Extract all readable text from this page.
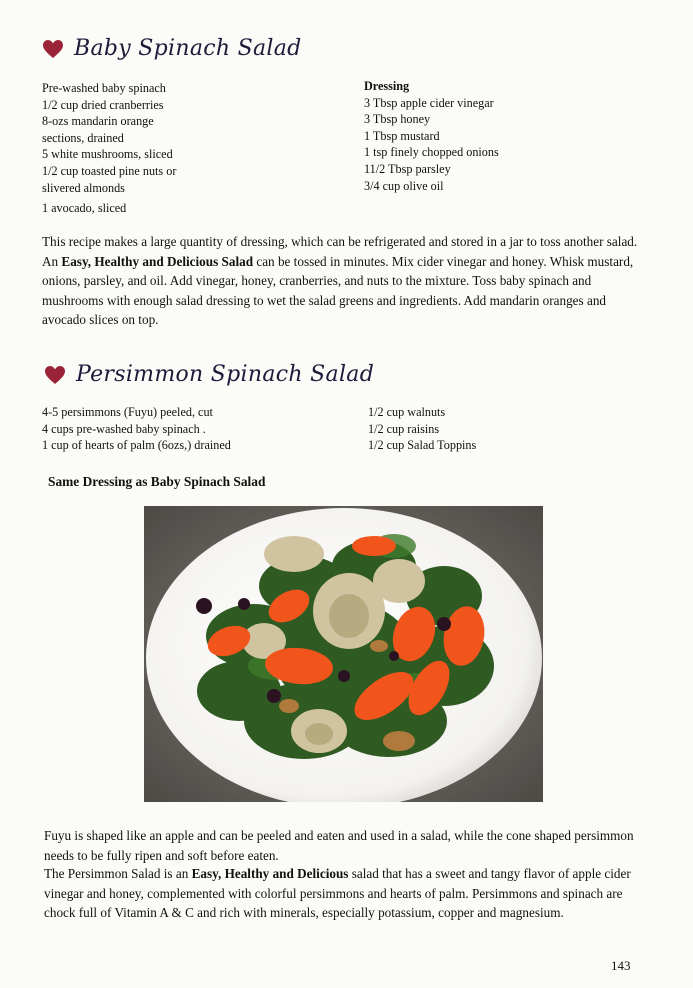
Baby Spinach Salad
Pre-washed baby spinach
1/2 cup dried cranberries
8-ozs mandarin orange
sections, drained
5 white mushrooms, sliced
1/2 cup toasted pine nuts or
slivered almonds
1 avocado, sliced
Dressing
3 Tbsp apple cider vinegar
3 Tbsp honey
1 Tbsp mustard
1 tsp finely chopped onions
11/2 Tbsp parsley
3/4 cup olive oil

This recipe makes a large quantity of dressing, which can be refrigerated and stored in a jar to toss another salad. An Easy, Healthy and Delicious Salad can be tossed in minutes. Mix cider vinegar and honey. Whisk mustard, onions, parsley, and oil. Add vinegar, honey, cranberries, and nuts to the mixture. Toss baby spinach and mushrooms with enough salad dressing to wet the salad greens and ingredients. Add mandarin oranges and avocado slices on top.

Persimmon Spinach Salad
4-5 persimmons (Fuyu) peeled, cut
4 cups pre-washed baby spinach .
1 cup of hearts of palm (6ozs,) drained
1/2 cup walnuts
1/2 cup raisins
1/2 cup Salad Toppins
Same Dressing as Baby Spinach Salad

Fuyu is shaped like an apple and can be peeled and eaten and used in a salad, while the cone shaped persimmon needs to be fully ripen and soft before eaten.

The Persimmon Salad is an Easy, Healthy and Delicious salad that has a sweet and tangy flavor of apple cider vinegar and honey, complemented with colorful persimmons and hearts of palm. Persimmons and spinach are chock full of Vitamin A & C and rich with minerals, especially potassium, copper and magnesium.

143
